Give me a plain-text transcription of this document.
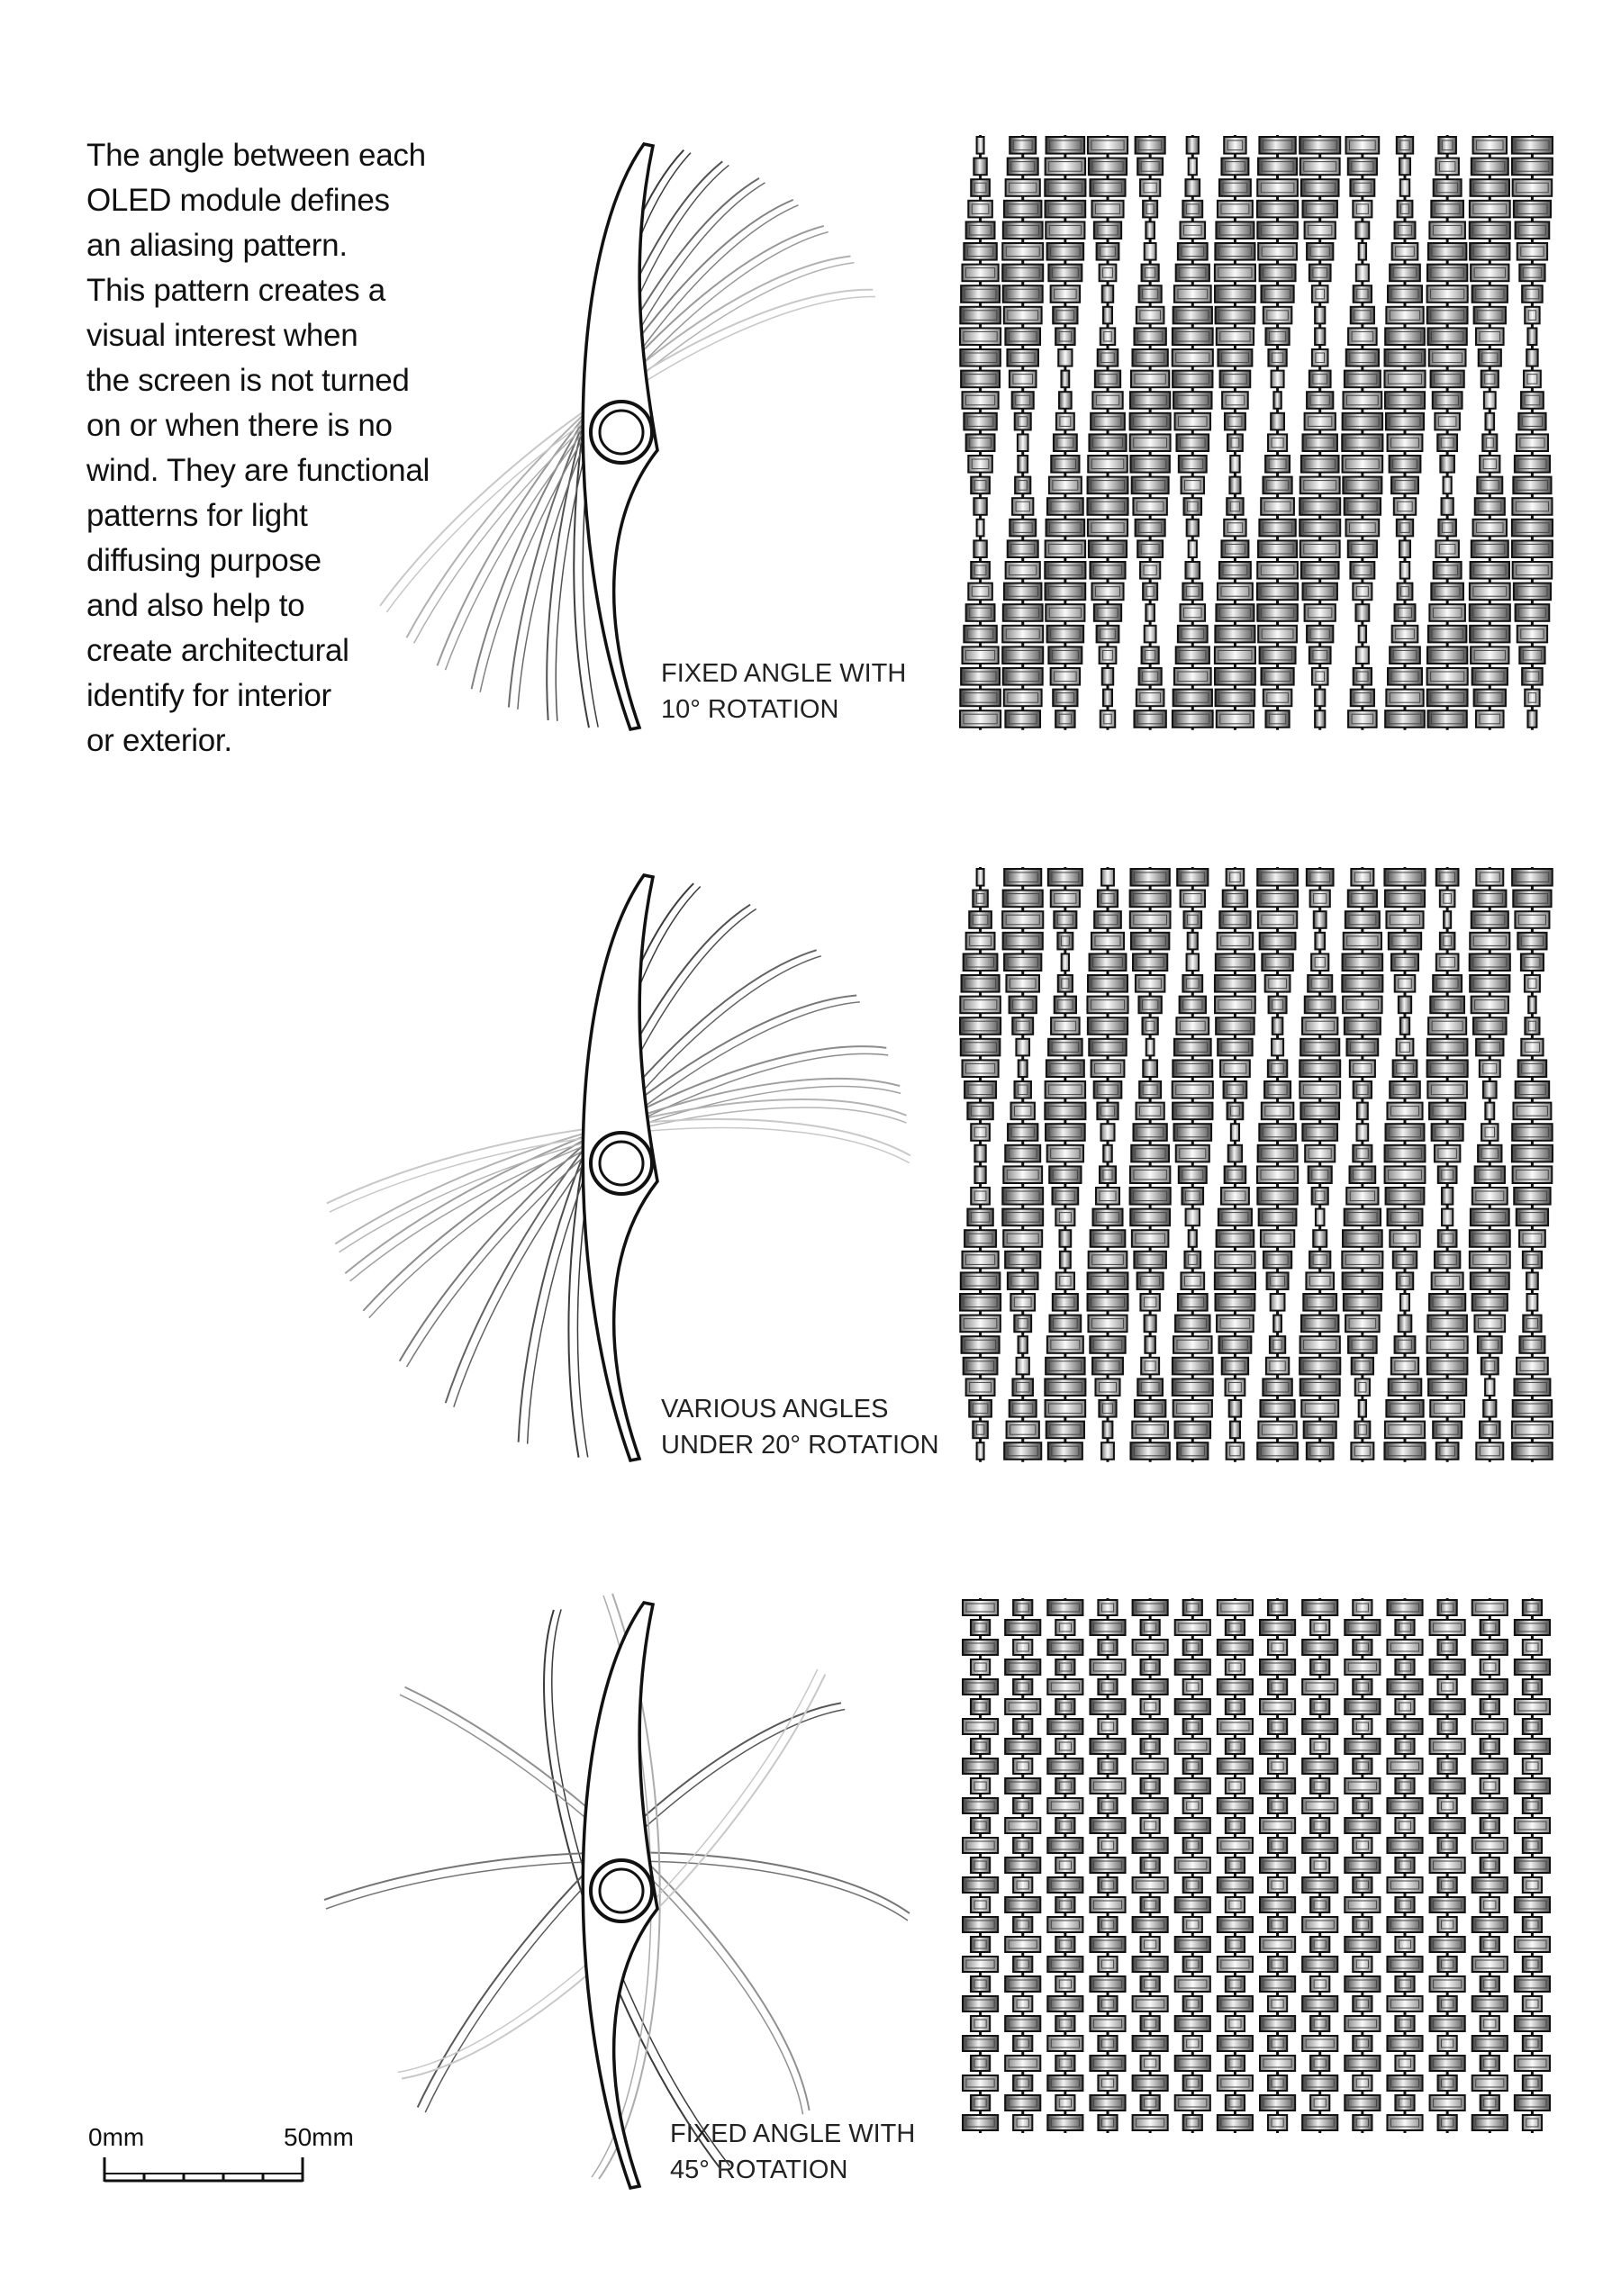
The angle between each
OLED module defines
an aliasing pattern.
This pattern creates a
visual interest when
the screen is not turned
on or when there is no
wind. They are functional
patterns for light
diffusing purpose
and also help to
create architectural
identify for interior
or exterior.
FIXED ANGLE WITH
10° ROTATION
VARIOUS ANGLES
UNDER 20° ROTATION
FIXED ANGLE WITH
45° ROTATION
0mm	50mm
